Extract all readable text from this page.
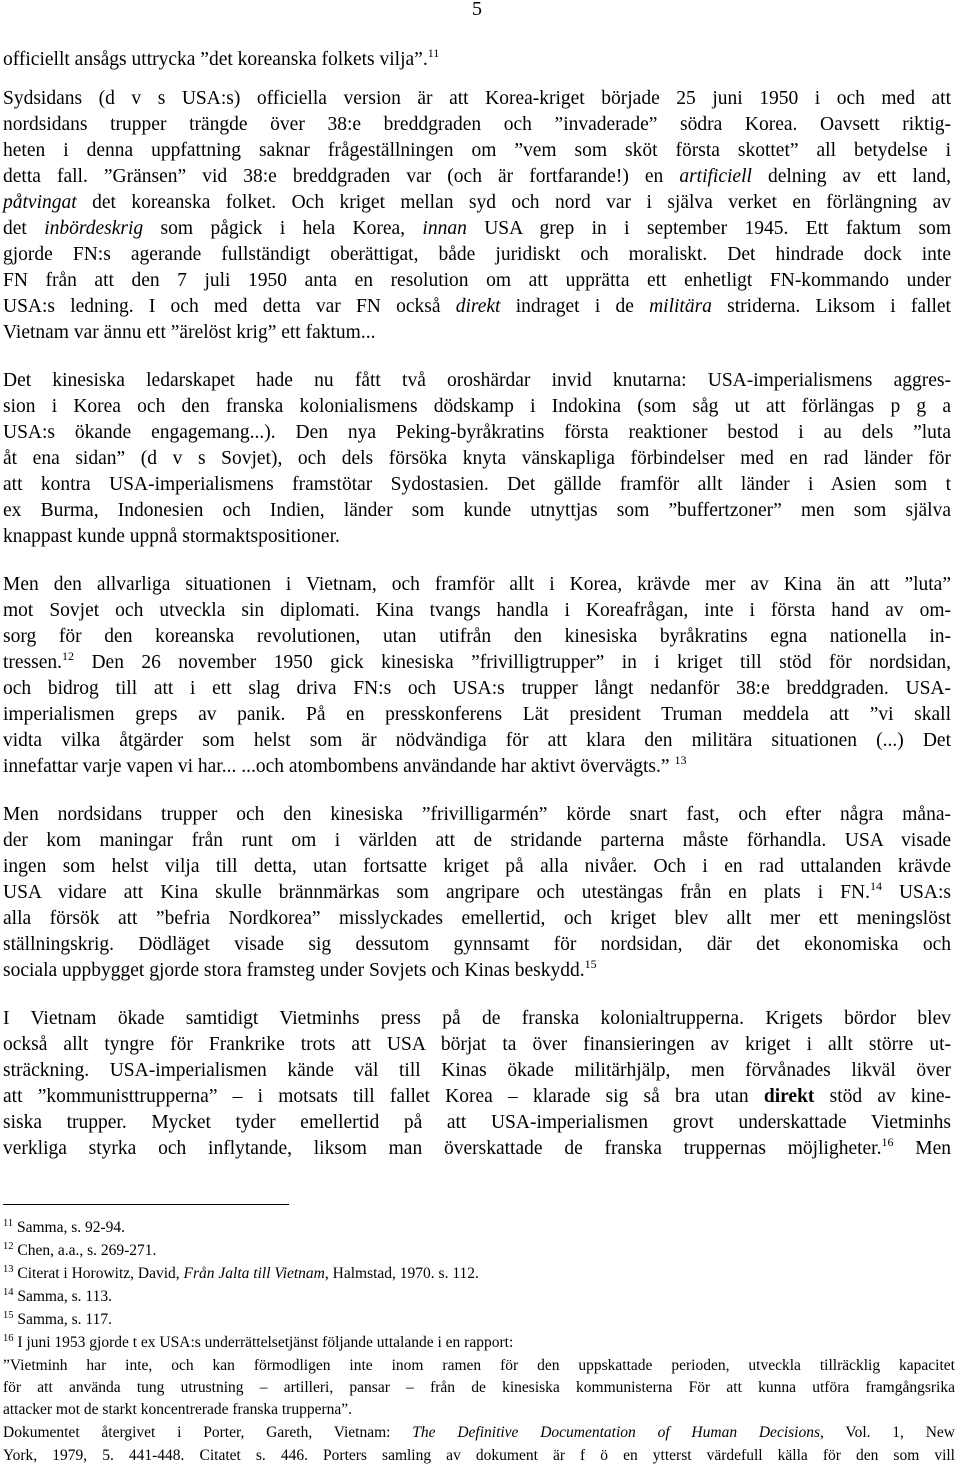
5
officiellt ansågs uttrycka ”det koreanska folkets vilja”.$^{11}$
Sydsidans (d v s USA:s) officiella version är att Korea-kriget började 25 juni 1950 i och med att
nordsidans trupper trängde över 38:e breddgraden och ”invaderade” södra Korea. Oavsett riktig-
heten i denna uppfattning saknar frågeställningen om ”vem som sköt första skottet” all betydelse i
detta fall. ”Gränsen” vid 38:e breddgraden var (och är fortfarande!) en artificiell delning av ett land,
påtvingat det koreanska folket. Och kriget mellan syd och nord var i själva verket en förlängning av
det inbördeskrig som pågick i hela Korea, innan USA grep in i september 1945. Ett faktum som
gjorde FN:s agerande fullständigt oberättigat, både juridiskt och moraliskt. Det hindrade dock inte
FN från att den 7 juli 1950 anta en resolution om att upprätta ett enhetligt FN-kommando under
USA:s ledning. I och med detta var FN också direkt indraget i de militära striderna. Liksom i fallet
Vietnam var ännu ett ”ärelöst krig” ett faktum...
Det kinesiska ledarskapet hade nu fått två oroshärdar invid knutarna: USA-imperialismens aggres-
sion i Korea och den franska kolonialismens dödskamp i Indokina (som såg ut att förlängas p g a
USA:s ökande engagemang...). Den nya Peking-byråkratins första reaktioner bestod i au dels ”luta
åt ena sidan” (d v s Sovjet), och dels försöka knyta vänskapliga förbindelser med en rad länder för
att kontra USA-imperialismens framstötar Sydostasien. Det gällde framför allt länder i Asien som t
ex Burma, Indonesien och Indien, länder som kunde utnyttjas som ”buffertzoner” men som själva
knappast kunde uppnå stormaktspositioner.
Men den allvarliga situationen i Vietnam, och framför allt i Korea, krävde mer av Kina än att ”luta”
mot Sovjet och utveckla sin diplomati. Kina tvangs handla i Koreafrågan, inte i första hand av om-
sorg för den koreanska revolutionen, utan utifrån den kinesiska byråkratins egna nationella in-
tressen.$^{12}$ Den 26 november 1950 gick kinesiska ”frivilligtrupper” in i kriget till stöd för nordsidan,
och bidrog till att i ett slag driva FN:s och USA:s trupper långt nedanför 38:e breddgraden. USA-
imperialismen greps av panik. På en presskonferens Lät president Truman meddela att ”vi skall
vidta vilka åtgärder som helst som är nödvändiga för att klara den militära situationen (...) Det
innefattar varje vapen vi har... ...och atombombens användande har aktivt övervägts.” $^{13}$
Men nordsidans trupper och den kinesiska ”frivilligarmén” körde snart fast, och efter några måna-
der kom maningar från runt om i världen att de stridande parterna måste förhandla. USA visade
ingen som helst vilja till detta, utan fortsatte kriget på alla nivåer. Och i en rad uttalanden krävde
USA vidare att Kina skulle brännmärkas som angripare och utestängas från en plats i FN.$^{14}$ USA:s
alla försök att ”befria Nordkorea” misslyckades emellertid, och kriget blev allt mer ett meningslöst
ställningskrig. Dödläget visade sig dessutom gynnsamt för nordsidan, där det ekonomiska och
sociala uppbygget gjorde stora framsteg under Sovjets och Kinas beskydd.$^{15}$
I Vietnam ökade samtidigt Vietminhs press på de franska kolonialtrupperna. Krigets bördor blev
också allt tyngre för Frankrike trots att USA börjat ta över finansieringen av kriget i allt större ut-
sträckning. USA-imperialismen kände väl till Kinas ökade militärhjälp, men förvånades likväl över
att ”kommunisttrupperna” – i motsats till fallet Korea – klarade sig så bra utan direkt stöd av kine-
siska trupper. Mycket tyder emellertid på att USA-imperialismen grovt underskattade Vietminhs
verkliga styrka och inflytande, liksom man överskattade de franska truppernas möjligheter.$^{16}$ Men
$^{11}$ Samma, s. 92-94.
$^{12}$ Chen, a.a., s. 269-271.
$^{13}$ Citerat i Horowitz, David, Från Jalta till Vietnam, Halmstad, 1970. s. 112.
$^{14}$ Samma, s. 113.
$^{15}$ Samma, s. 117.
$^{16}$ I juni 1953 gjorde t ex USA:s underrättelsetjänst följande uttalande i en rapport:
”Vietminh har inte, och kan förmodligen inte inom ramen för den uppskattade perioden, utveckla tillräcklig kapacitet
för att använda tung utrustning – artilleri, pansar – från de kinesiska kommunisterna För att kunna utföra framgångsrika
attacker mot de starkt koncentrerade franska trupperna”.
Dokumentet återgivet i Porter, Gareth, Vietnam: The Definitive Documentation of Human Decisions, Vol. 1, New
York, 1979, 5. 441-448. Citatet s. 446. Porters samling av dokument är f ö en ytterst värdefull källa för den som vill
